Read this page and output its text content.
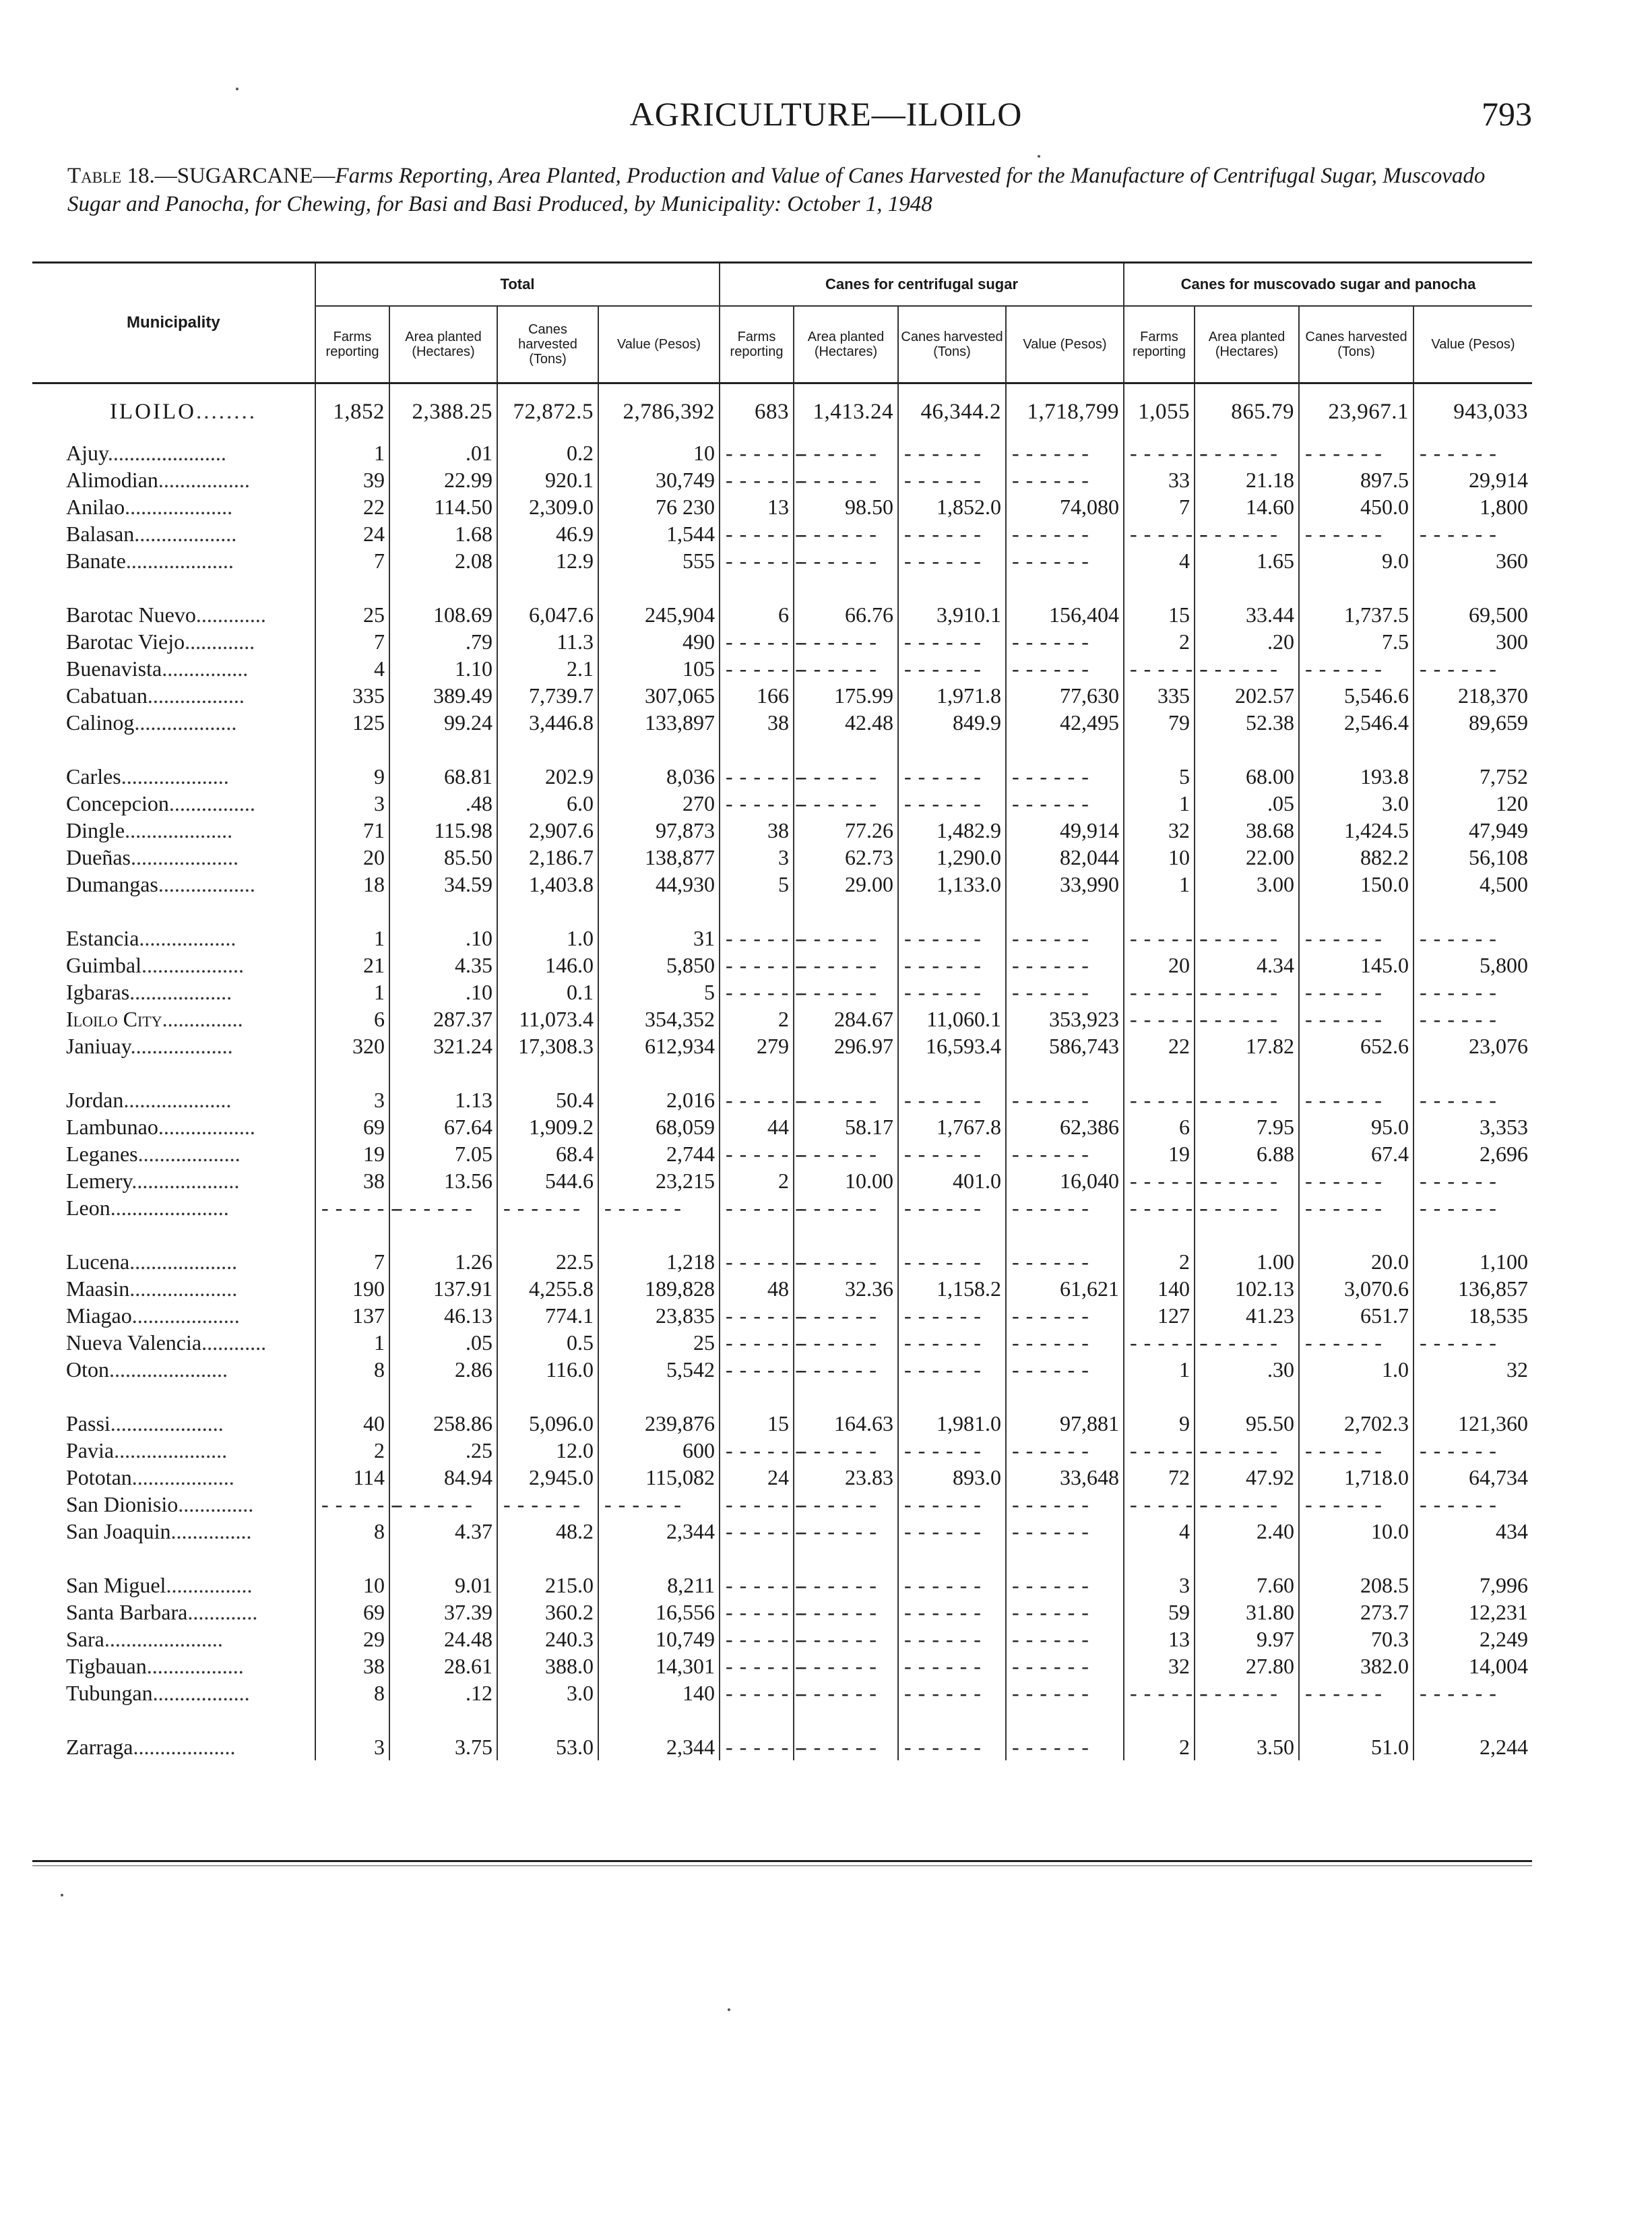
AGRICULTURE—ILOILO	793
Table 18.—SUGARCANE—Farms Reporting, Area Planted, Production and Value of Canes Harvested for the Manufacture of Centrifugal Sugar, Muscovado Sugar and Panocha, for Chewing, for Basi and Basi Produced, by Municipality: October 1, 1948

Municipality	Total				Canes for centrifugal sugar				Canes for muscovado sugar and panocha			
	Farms reporting	Area planted (Hectares)	Canes harvested (Tons)	Value (Pesos)	Farms reporting	Area planted (Hectares)	Canes harvested (Tons)	Value (Pesos)	Farms reporting	Area planted (Hectares)	Canes harvested (Tons)	Value (Pesos)
ILOILO........	1,852	2,388.25	72,872.5	2,786,392	683	1,413.24	46,344.2	1,718,799	1,055	865.79	23,967.1	943,033
Ajuy......................	1	.01	0.2	10	- - - - - -	- - - - - -	- - - - - -	- - - - - -	- - - - - -	- - - - - -	- - - - - -	- - - - - -
Alimodian.................	39	22.99	920.1	30,749	- - - - - -	- - - - - -	- - - - - -	- - - - - -	33	21.18	897.5	29,914
Anilao....................	22	114.50	2,309.0	76 230	13	98.50	1,852.0	74,080	7	14.60	450.0	1,800
Balasan...................	24	1.68	46.9	1,544	- - - - - -	- - - - - -	- - - - - -	- - - - - -	- - - - - -	- - - - - -	- - - - - -	- - - - - -
Banate....................	7	2.08	12.9	555	- - - - - -	- - - - - -	- - - - - -	- - - - - -	4	1.65	9.0	360

Barotac Nuevo.............	25	108.69	6,047.6	245,904	6	66.76	3,910.1	156,404	15	33.44	1,737.5	69,500
Barotac Viejo.............	7	.79	11.3	490	- - - - - -	- - - - - -	- - - - - -	- - - - - -	2	.20	7.5	300
Buenavista................	4	1.10	2.1	105	- - - - - -	- - - - - -	- - - - - -	- - - - - -	- - - - - -	- - - - - -	- - - - - -	- - - - - -
Cabatuan..................	335	389.49	7,739.7	307,065	166	175.99	1,971.8	77,630	335	202.57	5,546.6	218,370
Calinog...................	125	99.24	3,446.8	133,897	38	42.48	849.9	42,495	79	52.38	2,546.4	89,659

Carles....................	9	68.81	202.9	8,036	- - - - - -	- - - - - -	- - - - - -	- - - - - -	5	68.00	193.8	7,752
Concepcion................	3	.48	6.0	270	- - - - - -	- - - - - -	- - - - - -	- - - - - -	1	.05	3.0	120
Dingle....................	71	115.98	2,907.6	97,873	38	77.26	1,482.9	49,914	32	38.68	1,424.5	47,949
Dueñas....................	20	85.50	2,186.7	138,877	3	62.73	1,290.0	82,044	10	22.00	882.2	56,108
Dumangas..................	18	34.59	1,403.8	44,930	5	29.00	1,133.0	33,990	1	3.00	150.0	4,500

Estancia..................	1	.10	1.0	31	- - - - - -	- - - - - -	- - - - - -	- - - - - -	- - - - - -	- - - - - -	- - - - - -	- - - - - -
Guimbal...................	21	4.35	146.0	5,850	- - - - - -	- - - - - -	- - - - - -	- - - - - -	20	4.34	145.0	5,800
Igbaras...................	1	.10	0.1	5	- - - - - -	- - - - - -	- - - - - -	- - - - - -	- - - - - -	- - - - - -	- - - - - -	- - - - - -
Iloilo City...............	6	287.37	11,073.4	354,352	2	284.67	11,060.1	353,923	- - - - - -	- - - - - -	- - - - - -	- - - - - -
Janiuay...................	320	321.24	17,308.3	612,934	279	296.97	16,593.4	586,743	22	17.82	652.6	23,076

Jordan....................	3	1.13	50.4	2,016	- - - - - -	- - - - - -	- - - - - -	- - - - - -	- - - - - -	- - - - - -	- - - - - -	- - - - - -
Lambunao..................	69	67.64	1,909.2	68,059	44	58.17	1,767.8	62,386	6	7.95	95.0	3,353
Leganes...................	19	7.05	68.4	2,744	- - - - - -	- - - - - -	- - - - - -	- - - - - -	19	6.88	67.4	2,696
Lemery....................	38	13.56	544.6	23,215	2	10.00	401.0	16,040	- - - - - -	- - - - - -	- - - - - -	- - - - - -
Leon......................	- - - - - -	- - - - - -	- - - - - -	- - - - - -	- - - - - -	- - - - - -	- - - - - -	- - - - - -	- - - - - -	- - - - - -	- - - - - -	- - - - - -

Lucena....................	7	1.26	22.5	1,218	- - - - - -	- - - - - -	- - - - - -	- - - - - -	2	1.00	20.0	1,100
Maasin....................	190	137.91	4,255.8	189,828	48	32.36	1,158.2	61,621	140	102.13	3,070.6	136,857
Miagao....................	137	46.13	774.1	23,835	- - - - - -	- - - - - -	- - - - - -	- - - - - -	127	41.23	651.7	18,535
Nueva Valencia............	1	.05	0.5	25	- - - - - -	- - - - - -	- - - - - -	- - - - - -	- - - - - -	- - - - - -	- - - - - -	- - - - - -
Oton......................	8	2.86	116.0	5,542	- - - - - -	- - - - - -	- - - - - -	- - - - - -	1	.30	1.0	32

Passi.....................	40	258.86	5,096.0	239,876	15	164.63	1,981.0	97,881	9	95.50	2,702.3	121,360
Pavia.....................	2	.25	12.0	600	- - - - - -	- - - - - -	- - - - - -	- - - - - -	- - - - - -	- - - - - -	- - - - - -	- - - - - -
Pototan...................	114	84.94	2,945.0	115,082	24	23.83	893.0	33,648	72	47.92	1,718.0	64,734
San Dionisio..............	- - - - - -	- - - - - -	- - - - - -	- - - - - -	- - - - - -	- - - - - -	- - - - - -	- - - - - -	- - - - - -	- - - - - -	- - - - - -	- - - - - -
San Joaquin...............	8	4.37	48.2	2,344	- - - - - -	- - - - - -	- - - - - -	- - - - - -	4	2.40	10.0	434

San Miguel................	10	9.01	215.0	8,211	- - - - - -	- - - - - -	- - - - - -	- - - - - -	3	7.60	208.5	7,996
Santa Barbara.............	69	37.39	360.2	16,556	- - - - - -	- - - - - -	- - - - - -	- - - - - -	59	31.80	273.7	12,231
Sara......................	29	24.48	240.3	10,749	- - - - - -	- - - - - -	- - - - - -	- - - - - -	13	9.97	70.3	2,249
Tigbauan..................	38	28.61	388.0	14,301	- - - - - -	- - - - - -	- - - - - -	- - - - - -	32	27.80	382.0	14,004
Tubungan..................	8	.12	3.0	140	- - - - - -	- - - - - -	- - - - - -	- - - - - -	- - - - - -	- - - - - -	- - - - - -	- - - - - -

Zarraga...................	3	3.75	53.0	2,344	- - - - - -	- - - - - -	- - - - - -	- - - - - -	2	3.50	51.0	2,244
